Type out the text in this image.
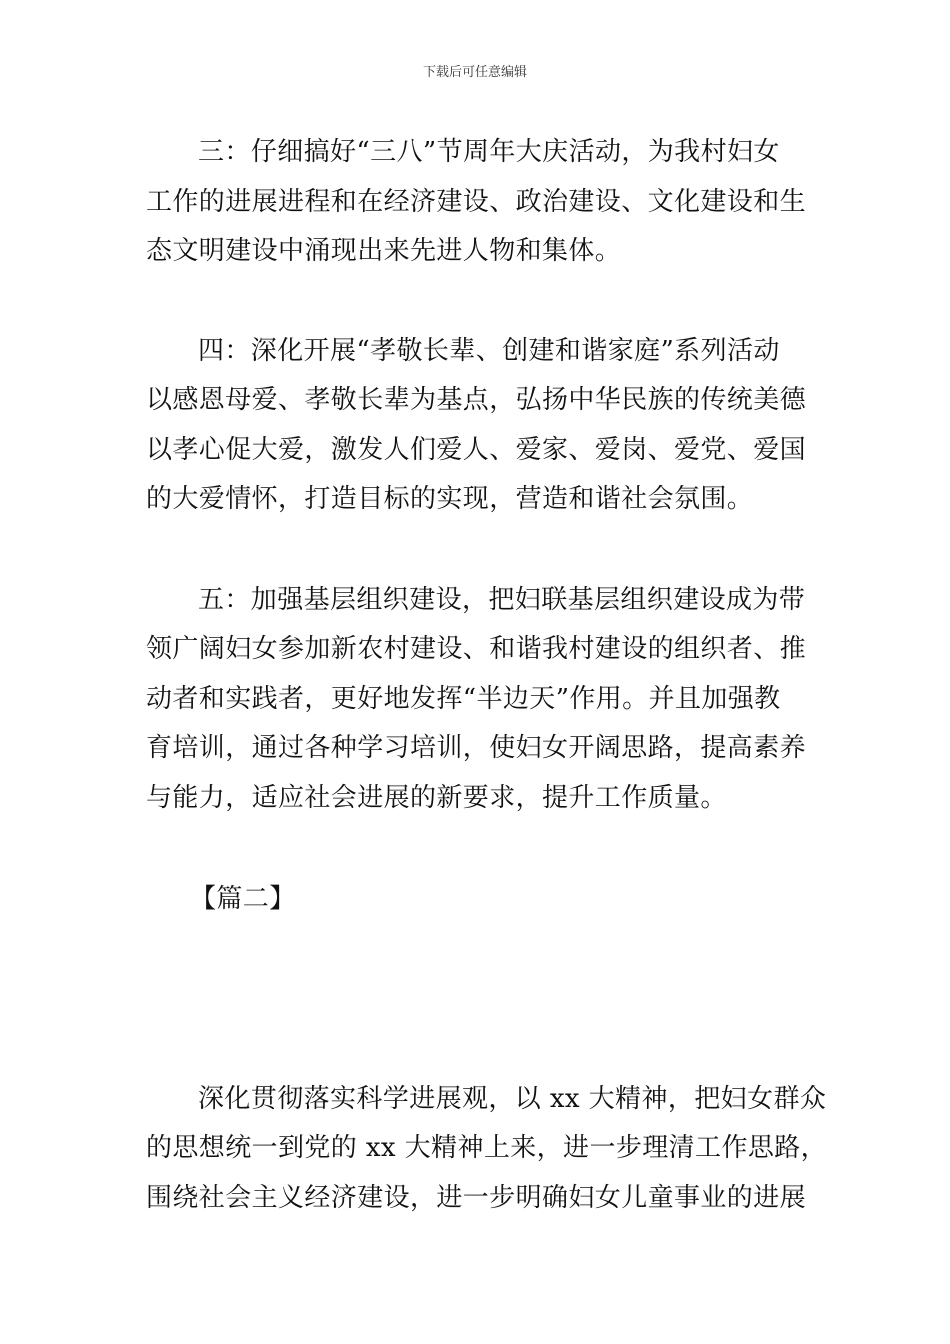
下载后可任意编辑

三：仔细搞好“三八”节周年大庆活动，为我村妇女
工作的进展进程和在经济建设、政治建设、文化建设和生
态文明建设中涌现出来先进人物和集体。

四：深化开展“孝敬长辈、创建和谐家庭”系列活动
以感恩母爱、孝敬长辈为基点，弘扬中华民族的传统美德
以孝心促大爱，激发人们爱人、爱家、爱岗、爱党、爱国
的大爱情怀，打造目标的实现，营造和谐社会氛围。

五：加强基层组织建设，把妇联基层组织建设成为带
领广阔妇女参加新农村建设、和谐我村建设的组织者、推
动者和实践者，更好地发挥“半边天”作用。并且加强教
育培训，通过各种学习培训，使妇女开阔思路，提高素养
与能力，适应社会进展的新要求，提升工作质量。

【篇二】

深化贯彻落实科学进展观，以 xx 大精神，把妇女群众
的思想统一到党的 xx 大精神上来，进一步理清工作思路，
围绕社会主义经济建设，进一步明确妇女儿童事业的进展
